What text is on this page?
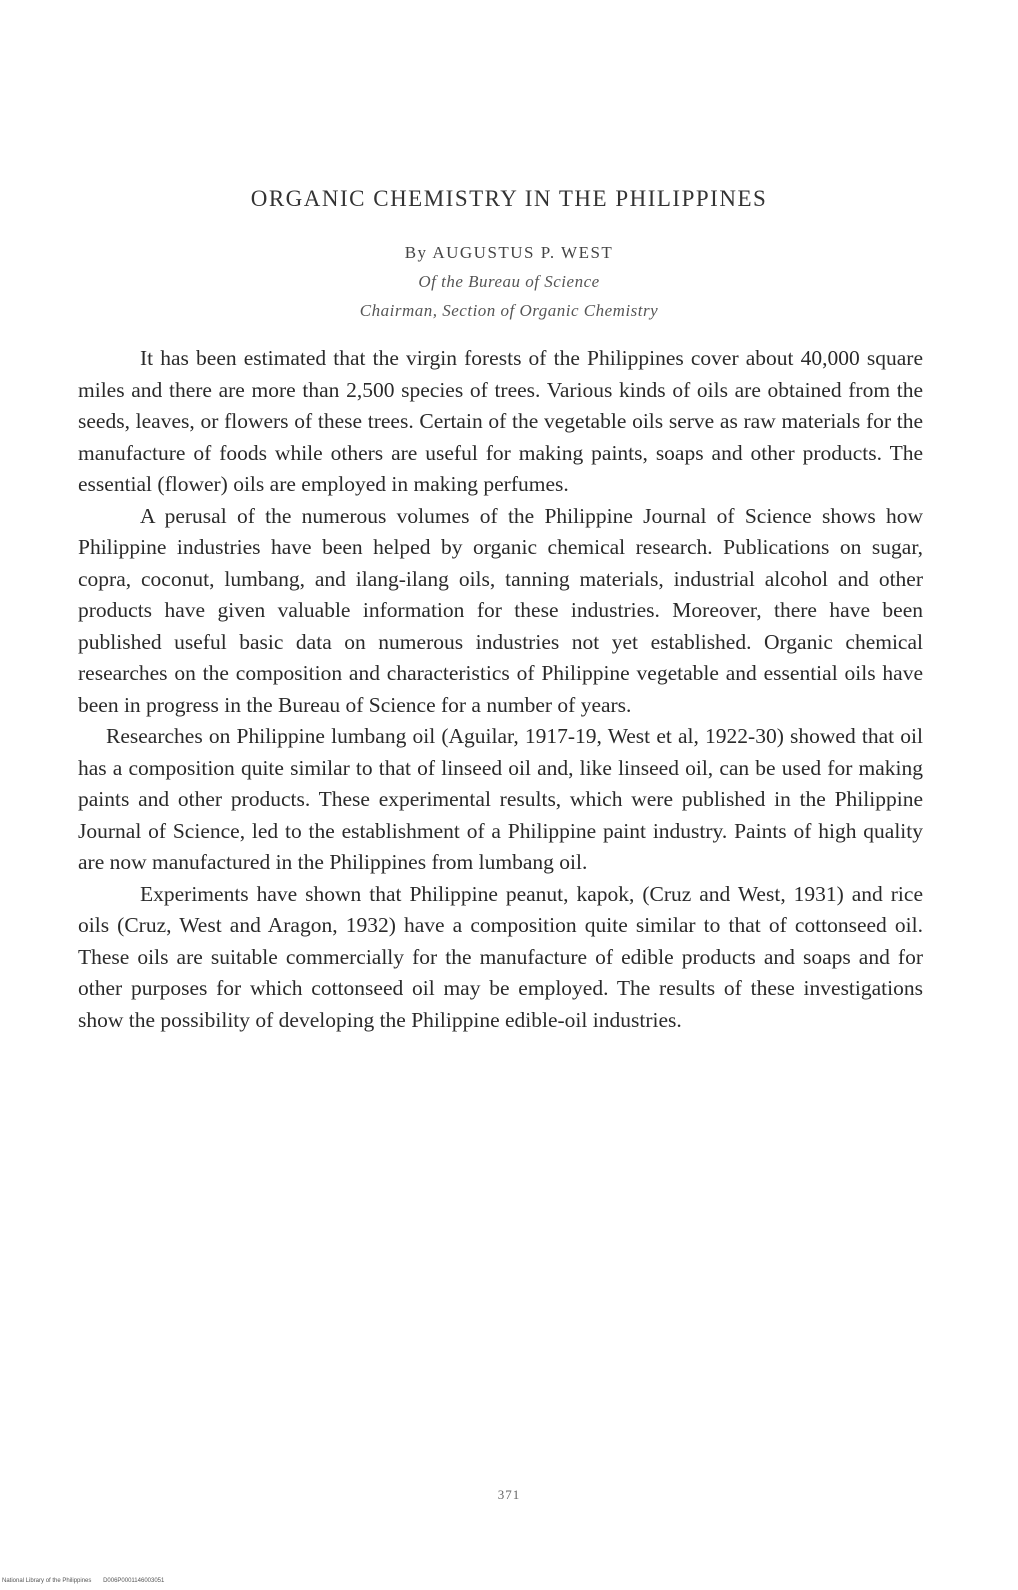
ORGANIC CHEMISTRY IN THE PHILIPPINES
By AUGUSTUS P. WEST
Of the Bureau of Science
Chairman, Section of Organic Chemistry

It has been estimated that the virgin forests of the Philippines cover about 40,000 square miles and there are more than 2,500 species of trees. Various kinds of oils are obtained from the seeds, leaves, or flowers of these trees. Certain of the vegetable oils serve as raw materials for the manufacture of foods while others are useful for making paints, soaps and other products. The essential (flower) oils are employed in making perfumes.

A perusal of the numerous volumes of the Philippine Journal of Science shows how Philippine industries have been helped by organic chemical research. Publications on sugar, copra, coconut, lumbang, and ilang-ilang oils, tanning materials, industrial alcohol and other products have given valuable information for these industries. Moreover, there have been published useful basic data on numerous industries not yet established. Organic chemical researches on the composition and characteristics of Philippine vegetable and essential oils have been in progress in the Bureau of Science for a number of years.

Researches on Philippine lumbang oil (Aguilar, 1917-19, West et al, 1922-30) showed that oil has a composition quite similar to that of linseed oil and, like linseed oil, can be used for making paints and other products. These experimental results, which were published in the Philippine Journal of Science, led to the establishment of a Philippine paint industry. Paints of high quality are now manufactured in the Philippines from lumbang oil.

Experiments have shown that Philippine peanut, kapok, (Cruz and West, 1931) and rice oils (Cruz, West and Aragon, 1932) have a composition quite similar to that of cottonseed oil. These oils are suitable commercially for the manufacture of edible products and soaps and for other purposes for which cottonseed oil may be employed. The results of these investigations show the possibility of developing the Philippine edible-oil industries.

371
National Library of the Philippines D006P0001146003051
